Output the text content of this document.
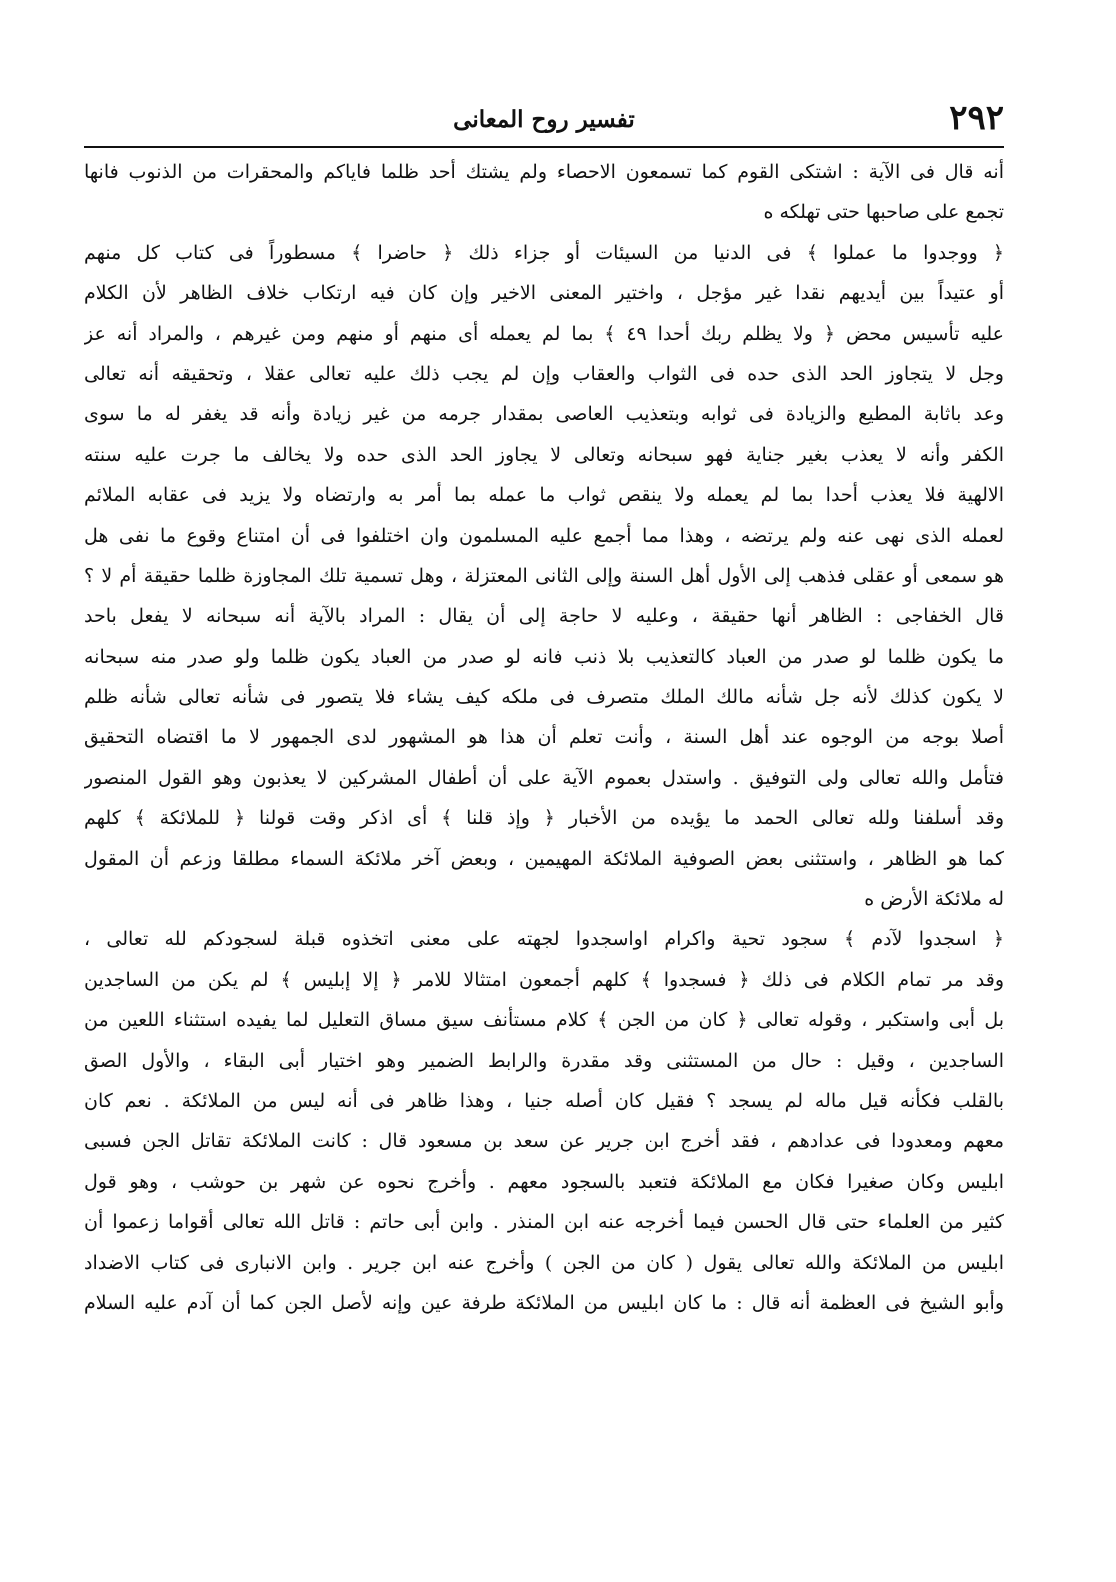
٢٩٢
تفسير روح المعانى
أنه قال فى الآية : اشتكى القوم كما تسمعون الاحصاء ولم يشتك أحد ظلما فاياكم والمحقرات من الذنوب فانها
تجمع على صاحبها حتى تهلكه ه
﴿ ووجدوا ما عملوا ﴾ فى الدنيا من السيئات أو جزاء ذلك ﴿ حاضرا ﴾ مسطوراً فى كتاب كل منهم
أو عتيداً بين أيديهم نقدا غير مؤجل ، واختير المعنى الاخير وإن كان فيه ارتكاب خلاف الظاهر لأن الكلام
عليه تأسيس محض ﴿ ولا يظلم ربك أحدا ٤٩ ﴾ بما لم يعمله أى منهم أو منهم ومن غيرهم ، والمراد أنه عز
وجل لا يتجاوز الحد الذى حده فى الثواب والعقاب وإن لم يجب ذلك عليه تعالى عقلا ، وتحقيقه أنه تعالى
وعد باثابة المطيع والزيادة فى ثوابه وبتعذيب العاصى بمقدار جرمه من غير زيادة وأنه قد يغفر له ما سوى
الكفر وأنه لا يعذب بغير جناية فهو سبحانه وتعالى لا يجاوز الحد الذى حده ولا يخالف ما جرت عليه سنته
الالهية فلا يعذب أحدا بما لم يعمله ولا ينقص ثواب ما عمله بما أمر به وارتضاه ولا يزيد فى عقابه الملائم
لعمله الذى نهى عنه ولم يرتضه ، وهذا مما أجمع عليه المسلمون وان اختلفوا فى أن امتناع وقوع ما نفى هل
هو سمعى أو عقلى فذهب إلى الأول أهل السنة وإلى الثانى المعتزلة ، وهل تسمية تلك المجاوزة ظلما حقيقة أم لا ؟
قال الخفاجى : الظاهر أنها حقيقة ، وعليه لا حاجة إلى أن يقال : المراد بالآية أنه سبحانه لا يفعل باحد
ما يكون ظلما لو صدر من العباد كالتعذيب بلا ذنب فانه لو صدر من العباد يكون ظلما ولو صدر منه سبحانه
لا يكون كذلك لأنه جل شأنه مالك الملك متصرف فى ملكه كيف يشاء فلا يتصور فى شأنه تعالى شأنه ظلم
أصلا بوجه من الوجوه عند أهل السنة ، وأنت تعلم أن هذا هو المشهور لدى الجمهور لا ما اقتضاه التحقيق
فتأمل والله تعالى ولى التوفيق . واستدل بعموم الآية على أن أطفال المشركين لا يعذبون وهو القول المنصور
وقد أسلفنا ولله تعالى الحمد ما يؤيده من الأخبار ﴿ وإذ قلنا ﴾ أى اذكر وقت قولنا ﴿ للملائكة ﴾ كلهم
كما هو الظاهر ، واستثنى بعض الصوفية الملائكة المهيمين ، وبعض آخر ملائكة السماء مطلقا وزعم أن المقول
له ملائكة الأرض ه
﴿ اسجدوا لآدم ﴾ سجود تحية واكرام اواسجدوا لجهته على معنى اتخذوه قبلة لسجودكم لله تعالى ،
وقد مر تمام الكلام فى ذلك ﴿ فسجدوا ﴾ كلهم أجمعون امتثالا للامر ﴿ إلا إبليس ﴾ لم يكن من الساجدين
بل أبى واستكبر ، وقوله تعالى ﴿ كان من الجن ﴾ كلام مستأنف سيق مساق التعليل لما يفيده استثناء اللعين من
الساجدين ، وقيل : حال من المستثنى وقد مقدرة والرابط الضمير وهو اختيار أبى البقاء ، والأول الصق
بالقلب فكأنه قيل ماله لم يسجد ؟ فقيل كان أصله جنيا ، وهذا ظاهر فى أنه ليس من الملائكة . نعم كان
معهم ومعدودا فى عدادهم ، فقد أخرج ابن جرير عن سعد بن مسعود قال : كانت الملائكة تقاتل الجن فسبى
ابليس وكان صغيرا فكان مع الملائكة فتعبد بالسجود معهم . وأخرج نحوه عن شهر بن حوشب ، وهو قول
كثير من العلماء حتى قال الحسن فيما أخرجه عنه ابن المنذر . وابن أبى حاتم : قاتل الله تعالى أقواما زعموا أن
ابليس من الملائكة والله تعالى يقول ( كان من الجن ) وأخرج عنه ابن جرير . وابن الانبارى فى كتاب الاضداد
وأبو الشيخ فى العظمة أنه قال : ما كان ابليس من الملائكة طرفة عين وإنه لأصل الجن كما أن آدم عليه السلام
